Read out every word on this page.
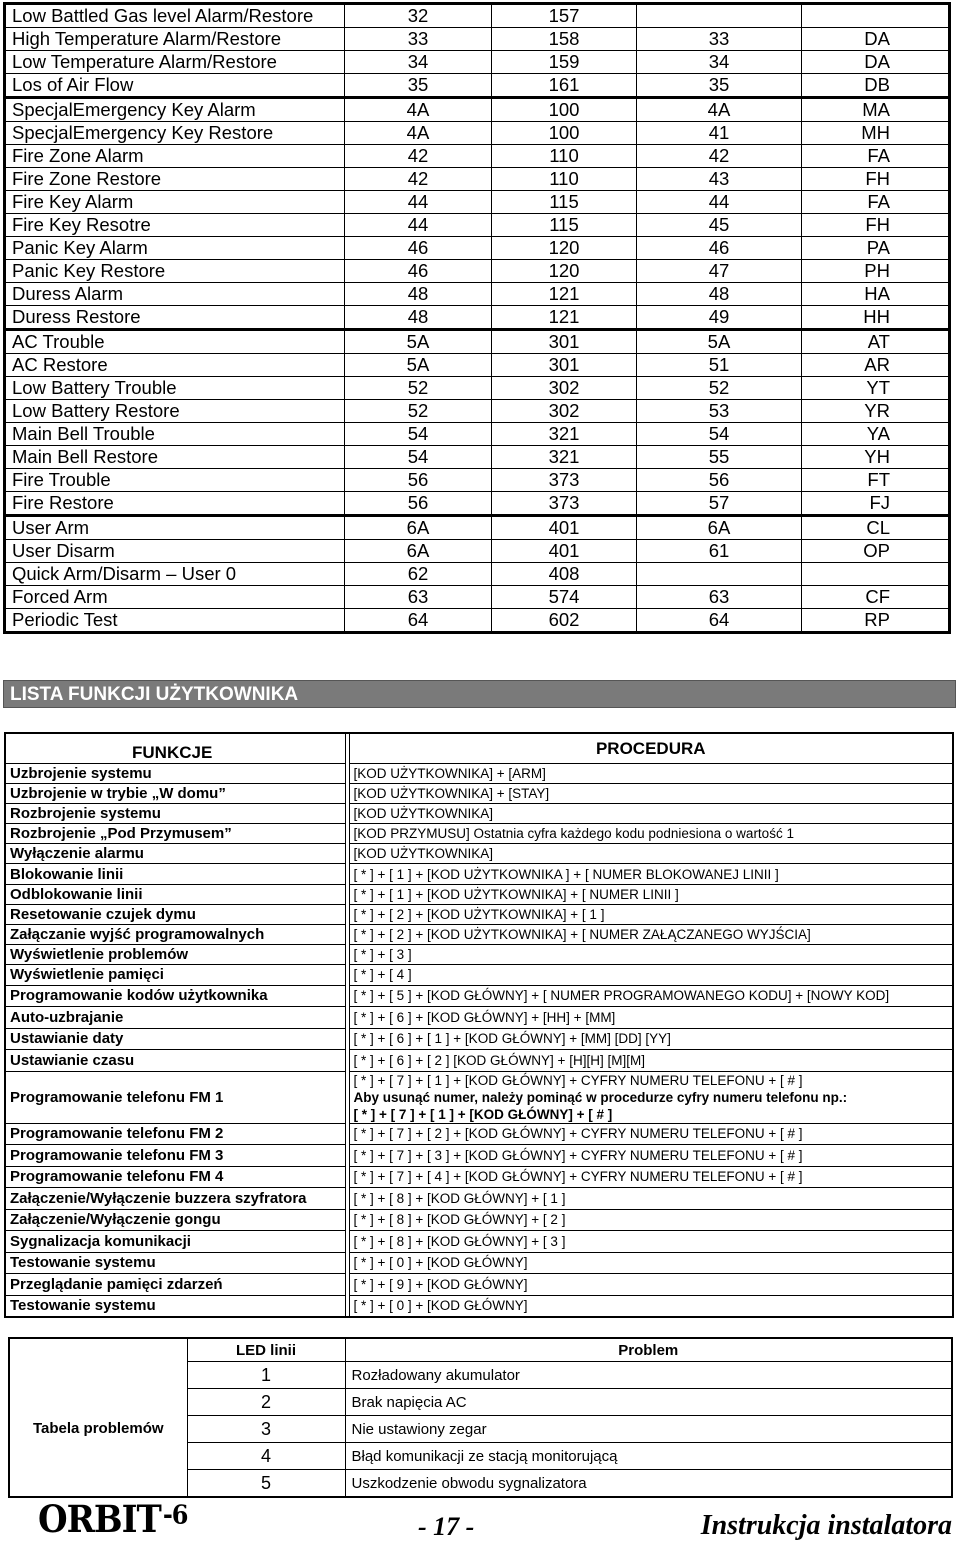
Low Battled Gas level Alarm/Restore	32	157		
High Temperature Alarm/Restore	33	158	33	DA
Low Temperature Alarm/Restore	34	159	34	DA
Los of Air Flow	35	161	35	DB
SpecjalEmergency Key Alarm	4A	100	4A	MA
SpecjalEmergency Key Restore	4A	100	41	MH
Fire Zone Alarm	42	110	42	FA
Fire Zone Restore	42	110	43	FH
Fire Key Alarm	44	115	44	FA
Fire Key Resotre	44	115	45	FH
Panic Key Alarm	46	120	46	PA
Panic Key Restore	46	120	47	PH
Duress Alarm	48	121	48	HA
Duress Restore	48	121	49	HH
AC Trouble	5A	301	5A	AT
AC Restore	5A	301	51	AR
Low Battery Trouble	52	302	52	YT
Low Battery Restore	52	302	53	YR
Main Bell Trouble	54	321	54	YA
Main Bell Restore	54	321	55	YH
Fire Trouble	56	373	56	FT
Fire Restore	56	373	57	FJ
User Arm	6A	401	6A	CL
User Disarm	6A	401	61	OP
Quick Arm/Disarm – User 0	62	408		
Forced Arm	63	574	63	CF
Periodic Test	64	602	64	RP
LISTA FUNKCJI UŻYTKOWNIKA
FUNKCJE		PROCEDURA
Uzbrojenie systemu		[KOD UŻYTKOWNIKA] + [ARM]

Uzbrojenie w trybie „W domu”		[KOD UŻYTKOWNIKA] + [STAY]

Rozbrojenie systemu		[KOD UŻYTKOWNIKA]

Rozbrojenie „Pod Przymusem”		[KOD PRZYMUSU] Ostatnia cyfra każdego kodu podniesiona o wartość 1

Wyłączenie alarmu		[KOD UŻYTKOWNIKA]

Blokowanie linii		[ * ] + [ 1 ] + [KOD UŻYTKOWNIKA ] + [ NUMER BLOKOWANEJ LINII ]

Odblokowanie linii		[ * ] + [ 1 ] + [KOD UŻYTKOWNIKA] + [ NUMER LINII ]

Resetowanie czujek dymu		[ * ] + [ 2 ] + [KOD UŻYTKOWNIKA] + [ 1 ]

Załączanie wyjść programowalnych		[ * ] + [ 2 ] + [KOD UŻYTKOWNIKA] + [ NUMER ZAŁĄCZANEGO WYJŚCIA]

Wyświetlenie problemów		[ * ] + [ 3 ]

Wyświetlenie pamięci		[ * ] + [ 4 ]

Programowanie kodów użytkownika		[ * ] + [ 5 ] + [KOD GŁÓWNY] + [ NUMER PROGRAMOWANEGO KODU] + [NOWY KOD]

Auto-uzbrajanie		[ * ] + [ 6 ] + [KOD GŁÓWNY] + [HH] + [MM]

Ustawianie daty		[ * ] + [ 6 ] + [ 1 ] + [KOD GŁÓWNY] + [MM] [DD] [YY]

Ustawianie czasu		[ * ] + [ 6 ] + [ 2 ] [KOD GŁÓWNY] + [H][H] [M][M]

Programowanie telefonu FM 1		[ * ] + [ 7 ] + [ 1 ] + [KOD GŁÓWNY] + CYFRY NUMERU TELEFONU + [ # ]
Aby usunąć numer, należy pominąć w procedurze cyfry numeru telefonu np.:
[ * ] + [ 7 ] + [ 1 ] + [KOD GŁÓWNY] + [ # ]

Programowanie telefonu FM 2		[ * ] + [ 7 ] + [ 2 ] + [KOD GŁÓWNY] + CYFRY NUMERU TELEFONU + [ # ]

Programowanie telefonu FM 3		[ * ] + [ 7 ] + [ 3 ] + [KOD GŁÓWNY] + CYFRY NUMERU TELEFONU + [ # ]

Programowanie telefonu FM 4		[ * ] + [ 7 ] + [ 4 ] + [KOD GŁÓWNY] + CYFRY NUMERU TELEFONU + [ # ]

Załączenie/Wyłączenie buzzera szyfratora		[ * ] + [ 8 ] + [KOD GŁÓWNY] + [ 1 ]

Załączenie/Wyłączenie gongu		[ * ] + [ 8 ] + [KOD GŁÓWNY] + [ 2 ]

Sygnalizacja komunikacji		[ * ] + [ 8 ] + [KOD GŁÓWNY] + [ 3 ]

Testowanie systemu		[ * ] + [ 0 ] + [KOD GŁÓWNY]

Przeglądanie pamięci zdarzeń		[ * ] + [ 9 ] + [KOD GŁÓWNY]

Testowanie systemu		[ * ] + [ 0 ] + [KOD GŁÓWNY]
	LED linii	Problem
Tabela problemów	1	Rozładowany akumulator
	2	Brak napięcia AC
	3	Nie ustawiony zegar
	4	Błąd komunikacji ze stacją monitorującą
	5	Uszkodzenie obwodu sygnalizatora
$ORBIT^{-6}$	- 17 -	Instrukcja instalatora
